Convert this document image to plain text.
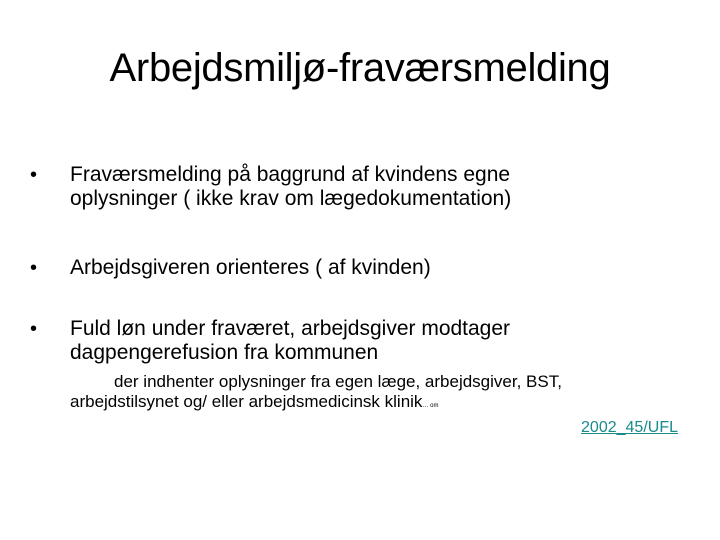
Arbejdsmiljø-fraværsmelding
•	Fraværsmelding på baggrund af kvindens egne
oplysninger ( ikke krav om lægedokumentation)
•	Arbejdsgiveren orienteres ( af kvinden)
•	Fuld løn under fraværet, arbejdsgiver modtager
dagpengerefusion fra kommunen
der indhenter oplysninger fra egen læge, arbejdsgiver, BST,
arbejdstilsynet og/ eller arbejdsmedicinsk klinik… om
2002_45/UFL
